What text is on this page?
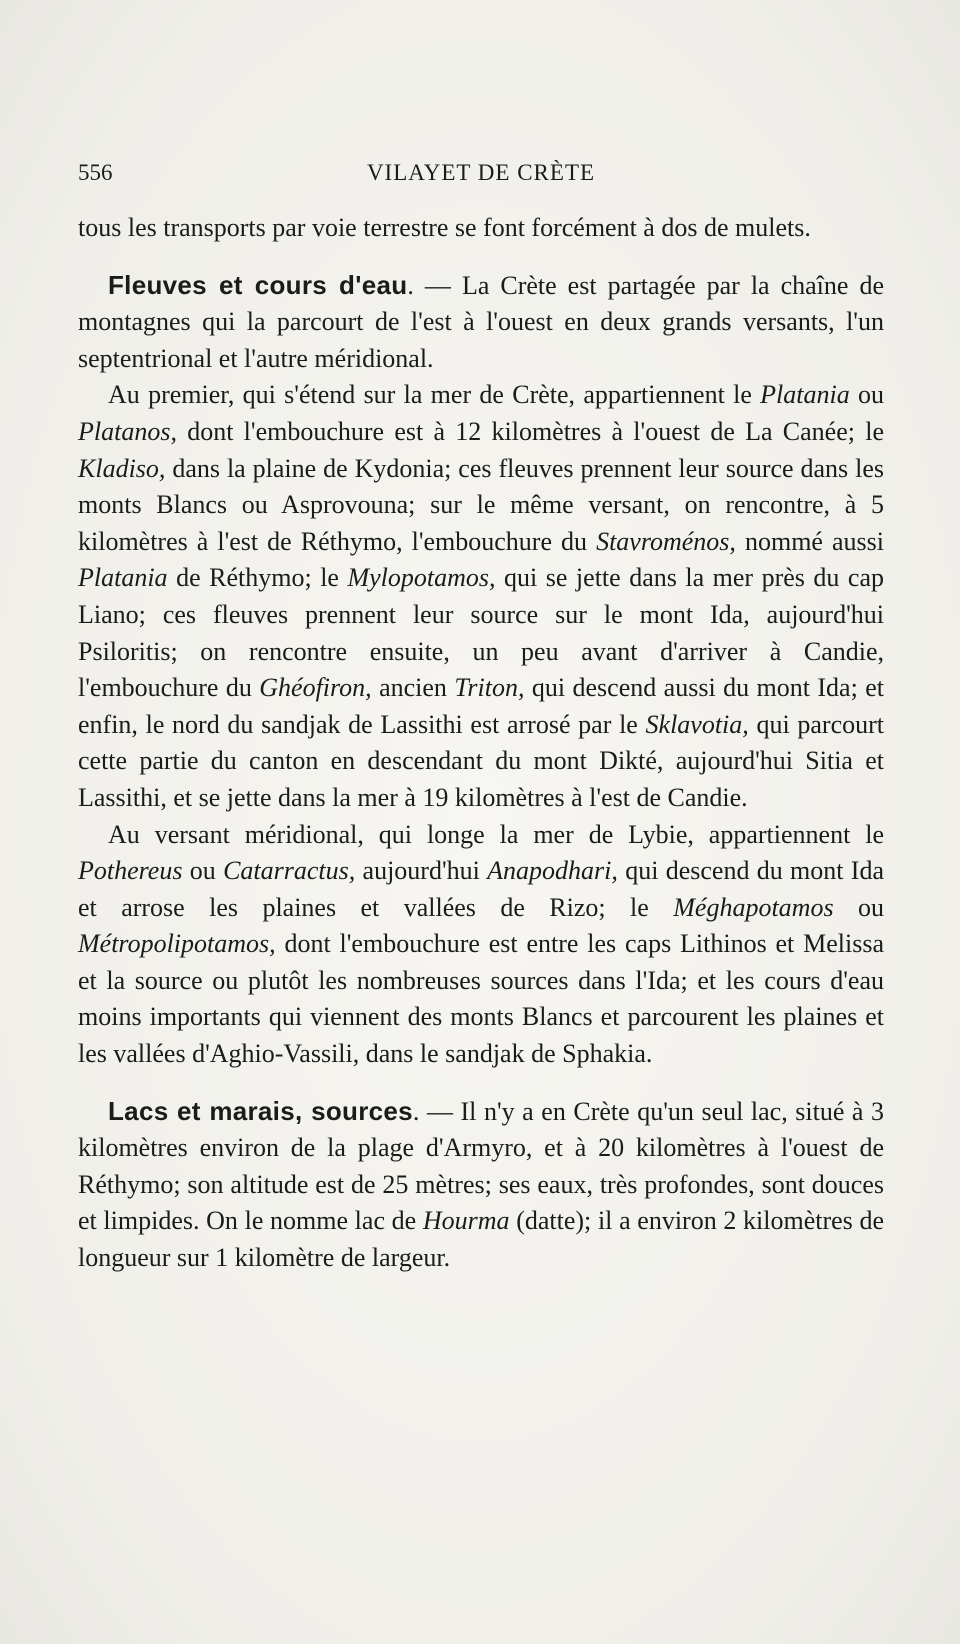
556	VILAYET DE CRÈTE

tous les transports par voie terrestre se font forcément à dos de mulets.

Fleuves et cours d'eau. — La Crète est partagée par la chaîne de montagnes qui la parcourt de l'est à l'ouest en deux grands versants, l'un septentrional et l'autre méridional.

Au premier, qui s'étend sur la mer de Crète, appartiennent le Platania ou Platanos, dont l'embouchure est à 12 kilomètres à l'ouest de La Canée; le Kladiso, dans la plaine de Kydonia; ces fleuves prennent leur source dans les monts Blancs ou Asprovouna; sur le même versant, on rencontre, à 5 kilomètres à l'est de Réthymo, l'embouchure du Stavroménos, nommé aussi Platania de Réthymo; le Mylopotamos, qui se jette dans la mer près du cap Liano; ces fleuves prennent leur source sur le mont Ida, aujourd'hui Psiloritis; on rencontre ensuite, un peu avant d'arriver à Candie, l'embouchure du Ghéofiron, ancien Triton, qui descend aussi du mont Ida; et enfin, le nord du sandjak de Lassithi est arrosé par le Sklavotia, qui parcourt cette partie du canton en descendant du mont Dikté, aujourd'hui Sitia et Lassithi, et se jette dans la mer à 19 kilomètres à l'est de Candie.

Au versant méridional, qui longe la mer de Lybie, appartiennent le Pothereus ou Catarractus, aujourd'hui Anapodhari, qui descend du mont Ida et arrose les plaines et vallées de Rizo; le Méghapotamos ou Métropolipotamos, dont l'embouchure est entre les caps Lithinos et Melissa et la source ou plutôt les nombreuses sources dans l'Ida; et les cours d'eau moins importants qui viennent des monts Blancs et parcourent les plaines et les vallées d'Aghio-Vassili, dans le sandjak de Sphakia.

Lacs et marais, sources. — Il n'y a en Crète qu'un seul lac, situé à 3 kilomètres environ de la plage d'Armyro, et à 20 kilomètres à l'ouest de Réthymo; son altitude est de 25 mètres; ses eaux, très profondes, sont douces et limpides. On le nomme lac de Hourma (datte); il a environ 2 kilomètres de longueur sur 1 kilomètre de largeur.
